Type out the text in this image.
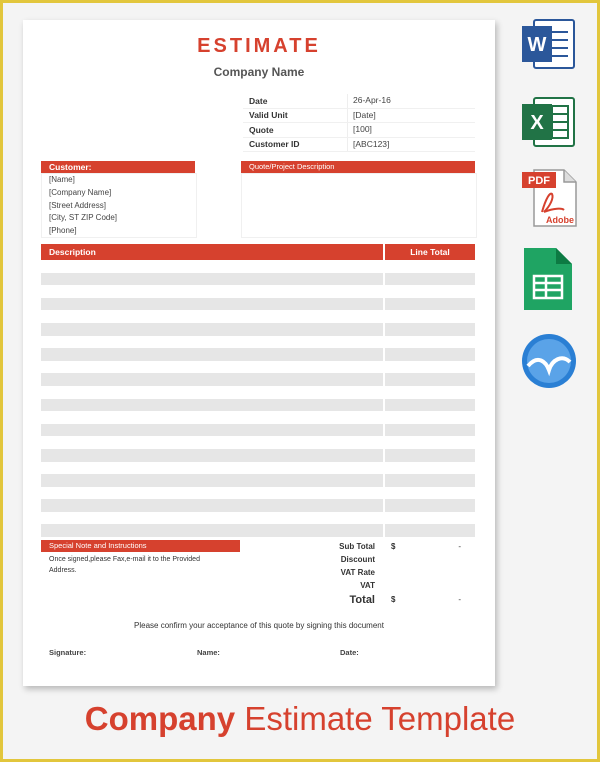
ESTIMATE
Company Name
Date	26-Apr-16
Valid Unit	[Date]
Quote	[100]
Customer ID	[ABC123]
Customer:	Quote/Project Description
[Name]
[Company Name]
[Street Address]
[City, ST ZIP Code]
[Phone]
Description	Line Total
Special Note and Instructions
Once signed,please Fax,e-mail it to the Provided Address.
Sub Total	$	-
Discount
VAT Rate
VAT
Total	$	-
Please confirm your acceptance of this quote by signing this document
Signature:	Name:	Date:
W
X
PDF
Adobe
Company Estimate Template
